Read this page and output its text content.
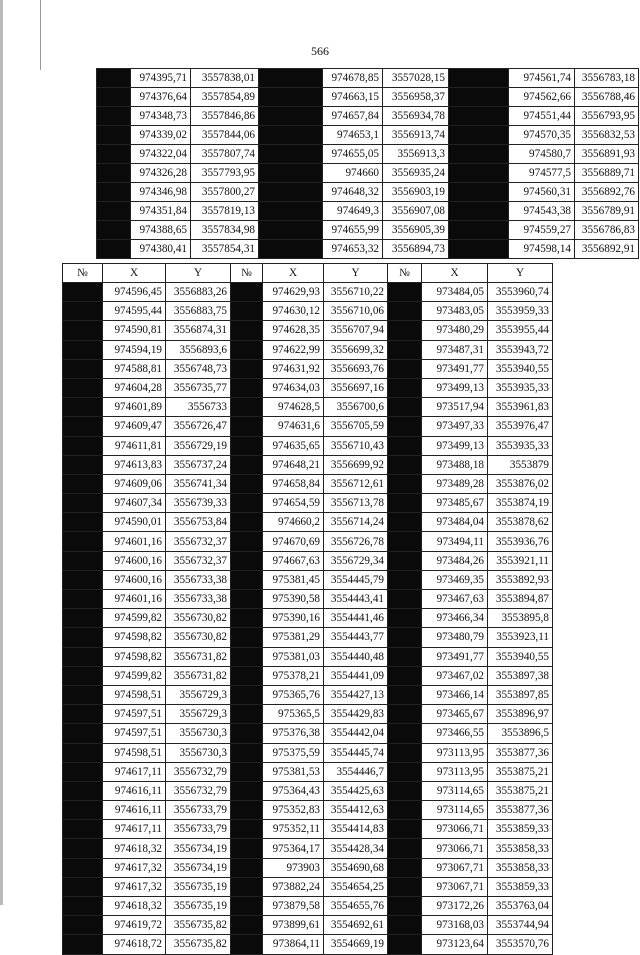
566
	974395,71	3557838,01		974678,85	3557028,15		974561,74	3556783,18
	974376,64	3557854,89		974663,15	3556958,37		974562,66	3556788,46
	974348,73	3557846,86		974657,84	3556934,78		974551,44	3556793,95
	974339,02	3557844,06		974653,1	3556913,74		974570,35	3556832,53
	974322,04	3557807,74		974655,05	3556913,3		974580,7	3556891,93
	974326,28	3557793,95		974660	3556935,24		974577,5	3556889,71
	974346,98	3557800,27		974648,32	3556903,19		974560,31	3556892,76
	974351,84	3557819,13		974649,3	3556907,08		974543,38	3556789,91
	974388,65	3557834,98		974655,99	3556905,39		974559,27	3556786,83
	974380,41	3557854,31		974653,32	3556894,73		974598,14	3556892,91
№	X	Y	№	X	Y	№	X	Y
	974596,45	3556883,26		974629,93	3556710,22		973484,05	3553960,74
	974595,44	3556883,75		974630,12	3556710,06		973483,05	3553959,33
	974590,81	3556874,31		974628,35	3556707,94		973480,29	3553955,44
	974594,19	3556893,6		974622,99	3556699,32		973487,31	3553943,72
	974588,81	3556748,73		974631,92	3556693,76		973491,77	3553940,55
	974604,28	3556735,77		974634,03	3556697,16		973499,13	3553935,33
	974601,89	3556733		974628,5	3556700,6		973517,94	3553961,83
	974609,47	3556726,47		974631,6	3556705,59		973497,33	3553976,47
	974611,81	3556729,19		974635,65	3556710,43		973499,13	3553935,33
	974613,83	3556737,24		974648,21	3556699,92		973488,18	3553879
	974609,06	3556741,34		974658,84	3556712,61		973489,28	3553876,02
	974607,34	3556739,33		974654,59	3556713,78		973485,67	3553874,19
	974590,01	3556753,84		974660,2	3556714,24		973484,04	3553878,62
	974601,16	3556732,37		974670,69	3556726,78		973494,11	3553936,76
	974600,16	3556732,37		974667,63	3556729,34		973484,26	3553921,11
	974600,16	3556733,38		975381,45	3554445,79		973469,35	3553892,93
	974601,16	3556733,38		975390,58	3554443,41		973467,63	3553894,87
	974599,82	3556730,82		975390,16	3554441,46		973466,34	3553895,8
	974598,82	3556730,82		975381,29	3554443,77		973480,79	3553923,11
	974598,82	3556731,82		975381,03	3554440,48		973491,77	3553940,55
	974599,82	3556731,82		975378,21	3554441,09		973467,02	3553897,38
	974598,51	3556729,3		975365,76	3554427,13		973466,14	3553897,85
	974597,51	3556729,3		975365,5	3554429,83		973465,67	3553896,97
	974597,51	3556730,3		975376,38	3554442,04		973466,55	3553896,5
	974598,51	3556730,3		975375,59	3554445,74		973113,95	3553877,36
	974617,11	3556732,79		975381,53	3554446,7		973113,95	3553875,21
	974616,11	3556732,79		975364,43	3554425,63		973114,65	3553875,21
	974616,11	3556733,79		975352,83	3554412,63		973114,65	3553877,36
	974617,11	3556733,79		975352,11	3554414,83		973066,71	3553859,33
	974618,32	3556734,19		975364,17	3554428,34		973066,71	3553858,33
	974617,32	3556734,19		973903	3554690,68		973067,71	3553858,33
	974617,32	3556735,19		973882,24	3554654,25		973067,71	3553859,33
	974618,32	3556735,19		973879,58	3554655,76		973172,26	3553763,04
	974619,72	3556735,82		973899,61	3554692,61		973168,03	3553744,94
	974618,72	3556735,82		973864,11	3554669,19		973123,64	3553570,76
